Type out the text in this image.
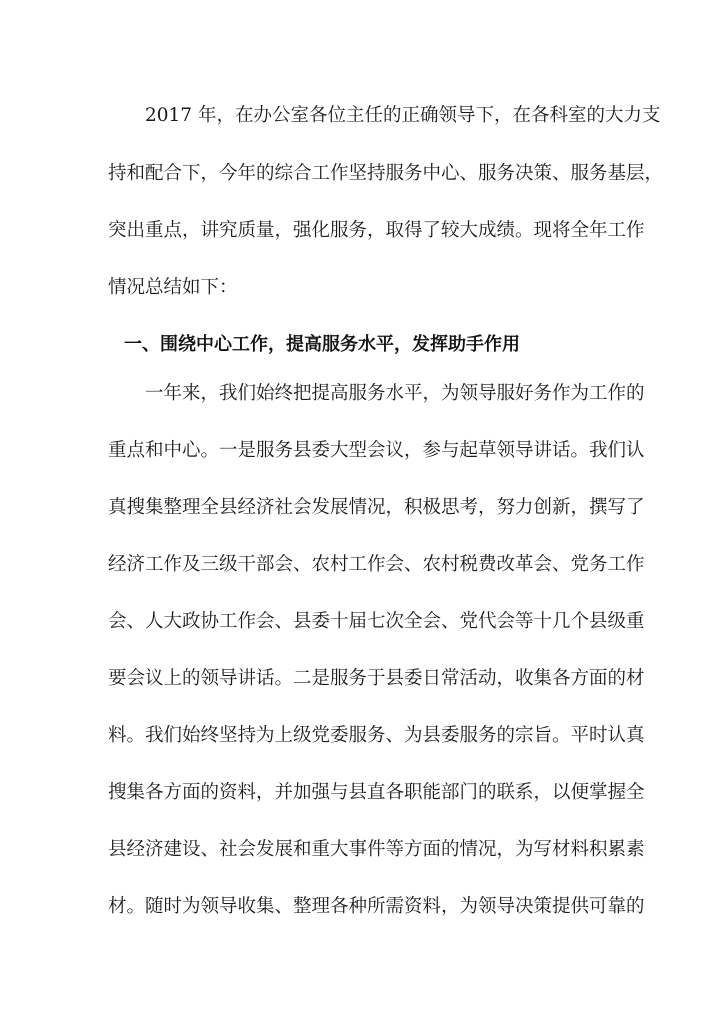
2017 年，在办公室各位主任的正确领导下，在各科室的大力支
持和配合下，今年的综合工作坚持服务中心、服务决策、服务基层，
突出重点，讲究质量，强化服务，取得了较大成绩。现将全年工作
情况总结如下：
一、围绕中心工作，提高服务水平，发挥助手作用
一年来，我们始终把提高服务水平，为领导服好务作为工作的
重点和中心。一是服务县委大型会议，参与起草领导讲话。我们认
真搜集整理全县经济社会发展情况，积极思考，努力创新，撰写了
经济工作及三级干部会、农村工作会、农村税费改革会、党务工作
会、人大政协工作会、县委十届七次全会、党代会等十几个县级重
要会议上的领导讲话。二是服务于县委日常活动，收集各方面的材
料。我们始终坚持为上级党委服务、为县委服务的宗旨。平时认真
搜集各方面的资料，并加强与县直各职能部门的联系，以便掌握全
县经济建设、社会发展和重大事件等方面的情况，为写材料积累素
材。随时为领导收集、整理各种所需资料，为领导决策提供可靠的
